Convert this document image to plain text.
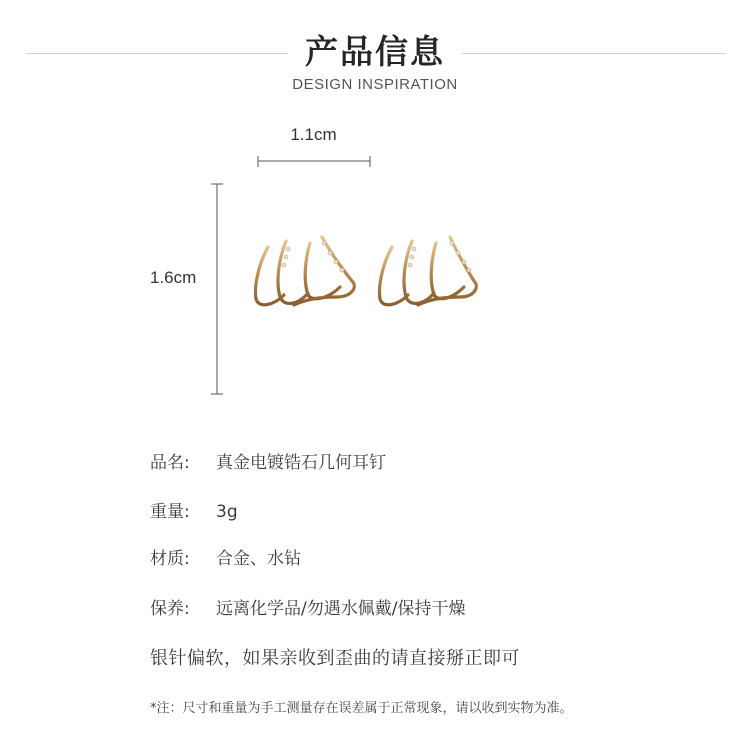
产品信息
DESIGN INSPIRATION
1.1cm
1.6cm
品名: 真金电镀锆石几何耳钉
重量: 3g
材质: 合金、水钻
保养: 远离化学品/勿遇水佩戴/保持干燥
银针偏软，如果亲收到歪曲的请直接掰正即可
*注：尺寸和重量为手工测量存在误差属于正常现象，请以收到实物为准。
